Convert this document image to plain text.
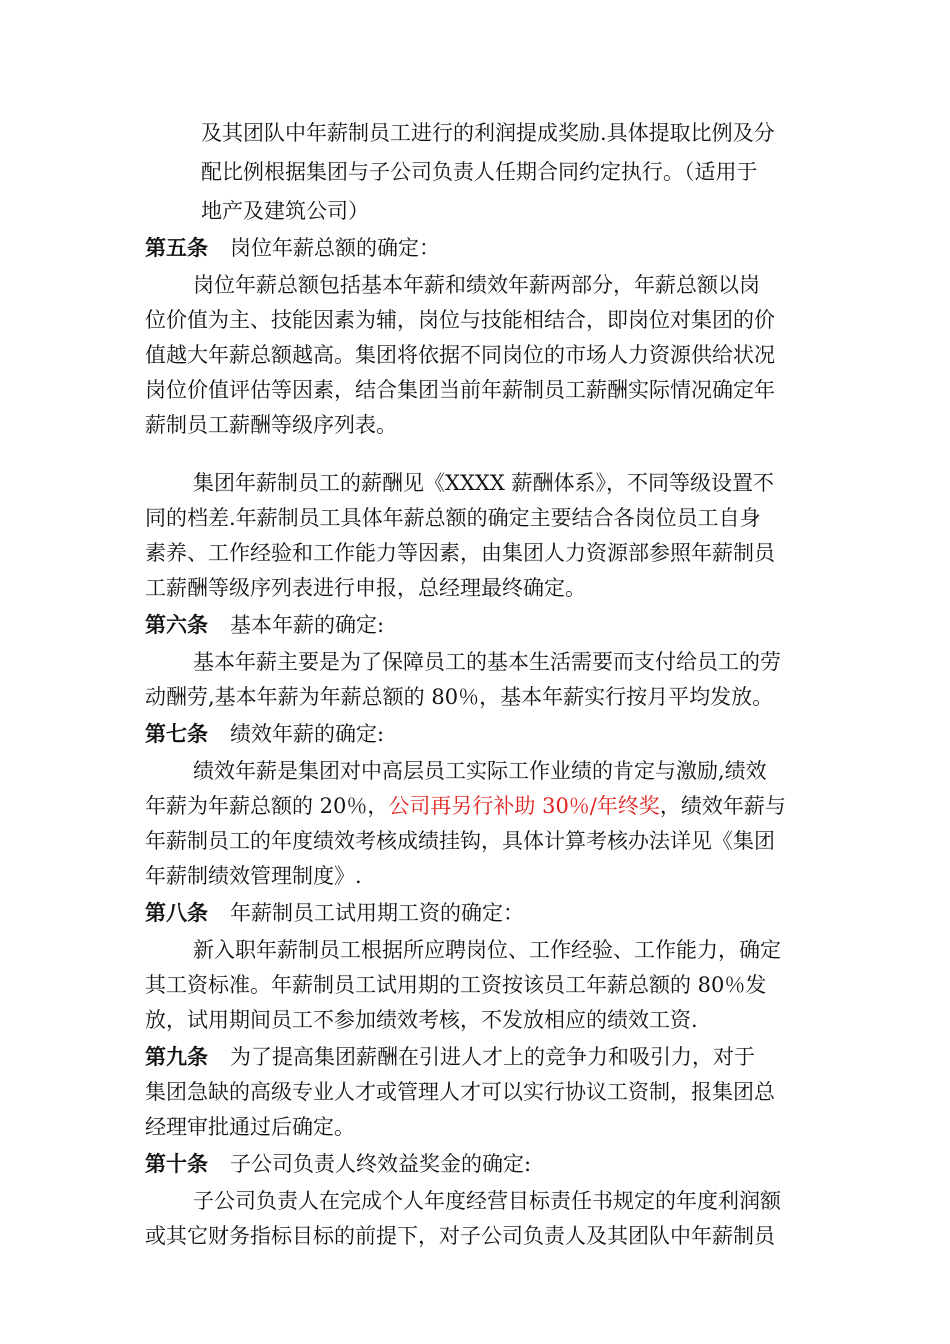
及其团队中年薪制员工进行的利润提成奖励.具体提取比例及分
配比例根据集团与子公司负责人任期合同约定执行。（适用于
地产及建筑公司）
第五条 岗位年薪总额的确定：
岗位年薪总额包括基本年薪和绩效年薪两部分，年薪总额以岗
位价值为主、技能因素为辅，岗位与技能相结合，即岗位对集团的价
值越大年薪总额越高。集团将依据不同岗位的市场人力资源供给状况
岗位价值评估等因素，结合集团当前年薪制员工薪酬实际情况确定年
薪制员工薪酬等级序列表。
集团年薪制员工的薪酬见《XXXX 薪酬体系》，不同等级设置不
同的档差.年薪制员工具体年薪总额的确定主要结合各岗位员工自身
素养、工作经验和工作能力等因素，由集团人力资源部参照年薪制员
工薪酬等级序列表进行申报，总经理最终确定。
第六条 基本年薪的确定:
基本年薪主要是为了保障员工的基本生活需要而支付给员工的劳
动酬劳,基本年薪为年薪总额的 80％，基本年薪实行按月平均发放。
第七条 绩效年薪的确定:
绩效年薪是集团对中高层员工实际工作业绩的肯定与激励,绩效
年薪为年薪总额的 20％，公司再另行补助 30％/年终奖，绩效年薪与
年薪制员工的年度绩效考核成绩挂钩，具体计算考核办法详见《集团
年薪制绩效管理制度》.
第八条 年薪制员工试用期工资的确定：
新入职年薪制员工根据所应聘岗位、工作经验、工作能力，确定
其工资标准。年薪制员工试用期的工资按该员工年薪总额的 80％发
放，试用期间员工不参加绩效考核，不发放相应的绩效工资.
第九条 为了提高集团薪酬在引进人才上的竞争力和吸引力，对于
集团急缺的高级专业人才或管理人才可以实行协议工资制，报集团总
经理审批通过后确定。
第十条 子公司负责人终效益奖金的确定:
子公司负责人在完成个人年度经营目标责任书规定的年度利润额
或其它财务指标目标的前提下，对子公司负责人及其团队中年薪制员
